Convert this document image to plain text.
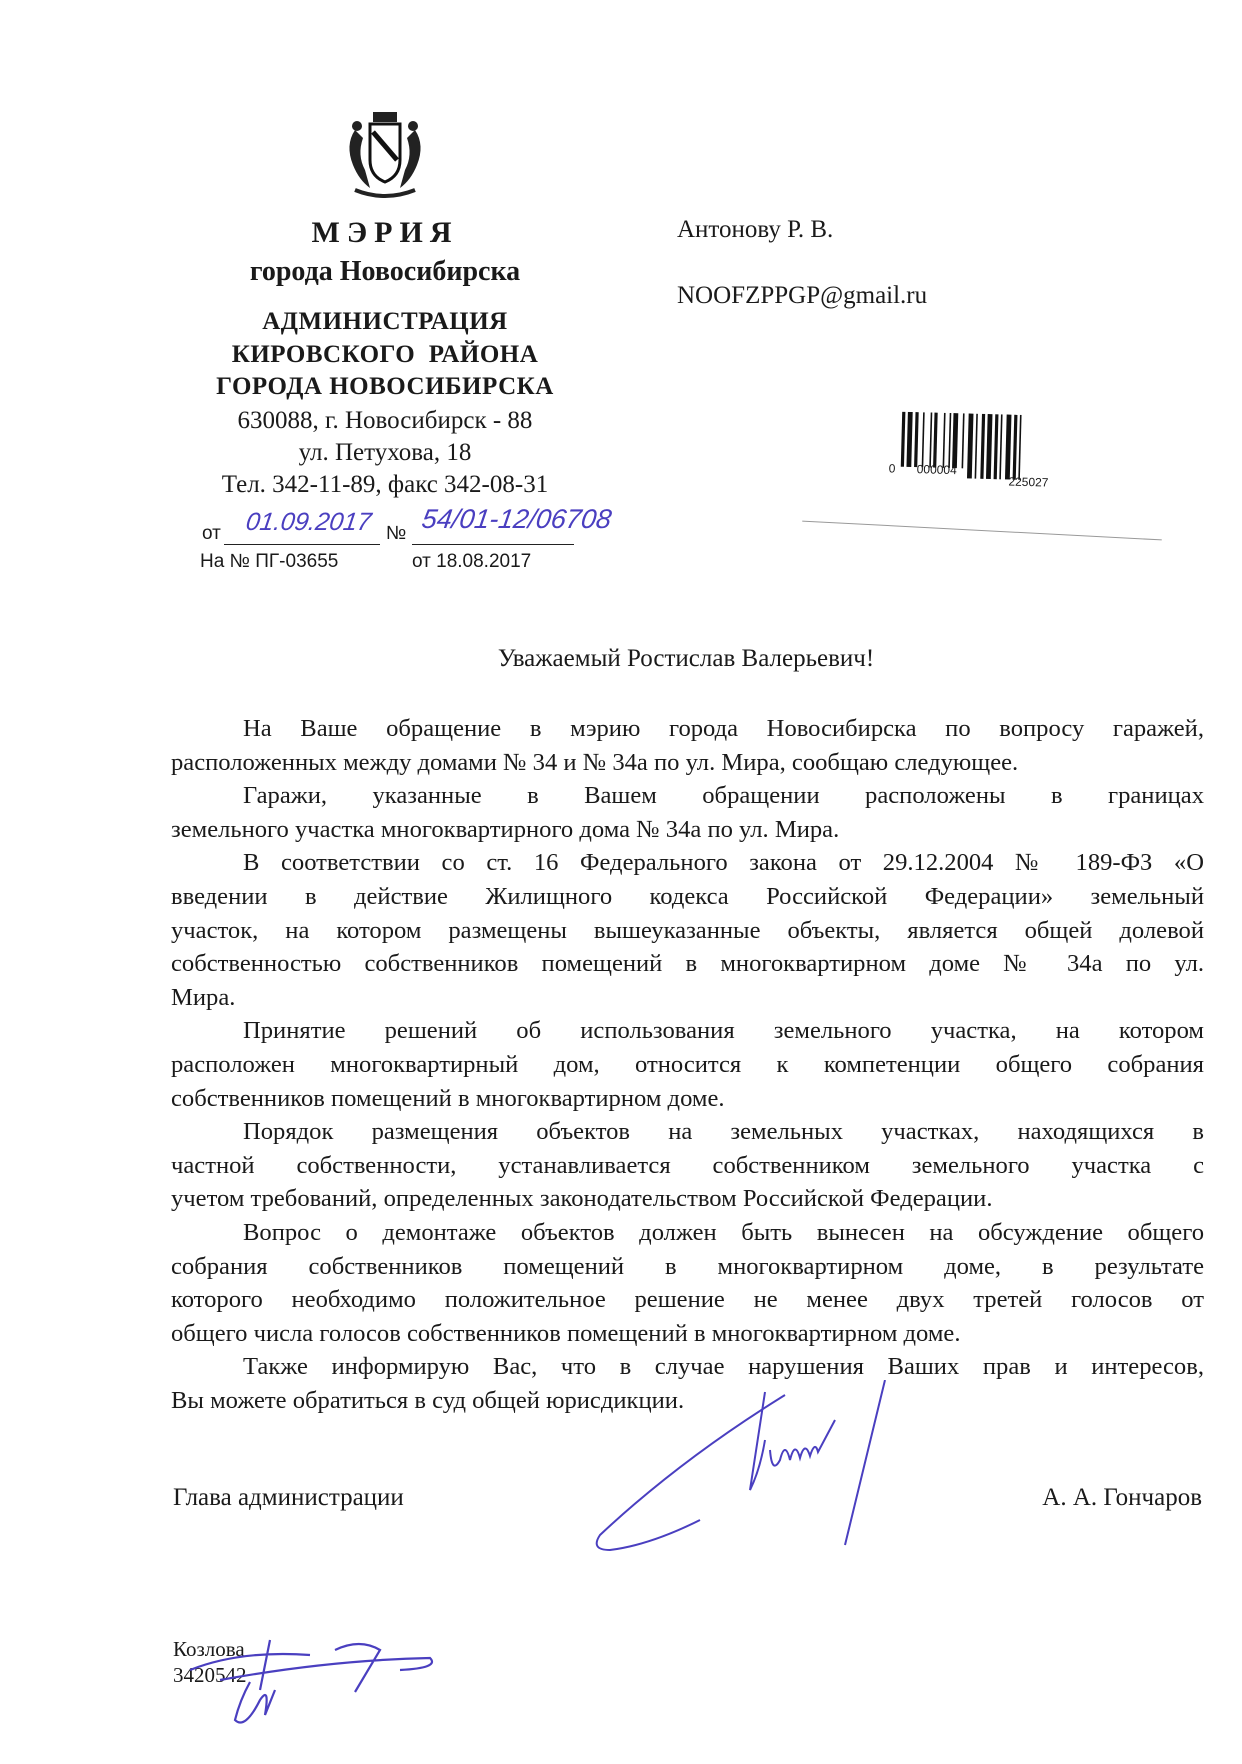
МЭРИЯ
города Новосибирска
АДМИНИСТРАЦИЯ
КИРОВСКОГО  РАЙОНА
ГОРОДА НОВОСИБИРСКА
630088, г. Новосибирск - 88
ул. Петухова, 18
Тел. 342-11-89, факс 342-08-31
от 01.09.2017 № 54/01-12/06708
На № ПГ-03655	от 18.08.2017
Антонову Р. В.
NOOFZPPGP@gmail.ru
0 000004
225027
Уважаемый Ростислав Валерьевич!
На Ваше обращение в мэрию города Новосибирска по вопросу гаражей,
расположенных между домами № 34 и № 34а по ул. Мира, сообщаю следующее.
Гаражи, указанные в Вашем обращении расположены в границах
земельного участка многоквартирного дома № 34а по ул. Мира.
В соответствии со ст. 16 Федерального закона от 29.12.2004 № 189-ФЗ «О
введении в действие Жилищного кодекса Российской Федерации» земельный
участок, на котором размещены вышеуказанные объекты, является общей долевой
собственностью собственников помещений в многоквартирном доме № 34а по ул.
Мира.
Принятие решений об использования земельного участка, на котором
расположен многоквартирный дом, относится к компетенции общего собрания
собственников помещений в многоквартирном доме.
Порядок размещения объектов на земельных участках, находящихся в
частной собственности, устанавливается собственником земельного участка с
учетом требований, определенных законодательством Российской Федерации.
Вопрос о демонтаже объектов должен быть вынесен на обсуждение общего
собрания собственников помещений в многоквартирном доме, в результате
которого необходимо положительное решение не менее двух третей голосов от
общего числа голосов собственников помещений в многоквартирном доме.
Также информирую Вас, что в случае нарушения Ваших прав и интересов,
Вы можете обратиться в суд общей юрисдикции.
Глава администрации	А. А. Гончаров
Козлова
3420542
